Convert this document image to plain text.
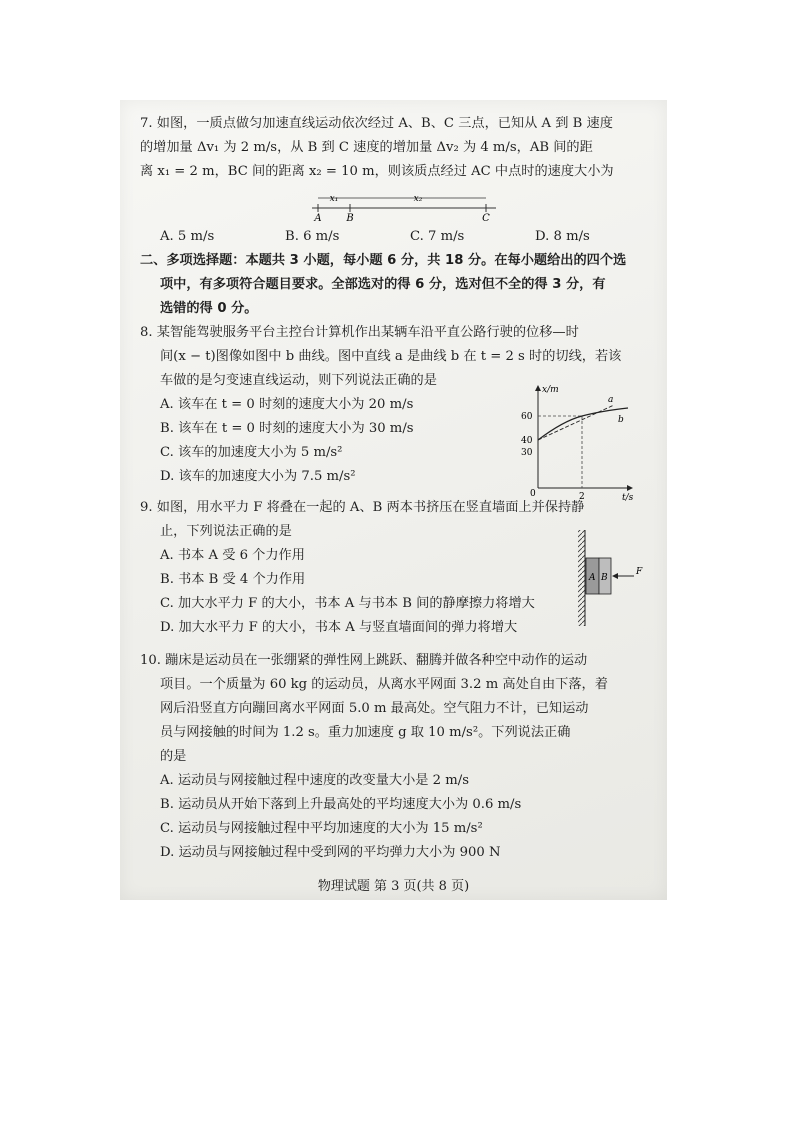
7. 如图，一质点做匀加速直线运动依次经过 A、B、C 三点，已知从 A 到 B 速度
的增加量 Δv₁ 为 2 m/s，从 B 到 C 速度的增加量 Δv₂ 为 4 m/s，AB 间的距
离 x₁ = 2 m，BC 间的距离 x₂ = 10 m，则该质点经过 AC 中点时的速度大小为
x₁	x₂
A B	C
A. 5 m/s	B. 6 m/s	C. 7 m/s	D. 8 m/s
二、多项选择题：本题共 3 小题，每小题 6 分，共 18 分。在每小题给出的四个选
项中，有多项符合题目要求。全部选对的得 6 分，选对但不全的得 3 分，有
选错的得 0 分。
8. 某智能驾驶服务平台主控台计算机作出某辆车沿平直公路行驶的位移—时
间(x − t)图像如图中 b 曲线。图中直线 a 是曲线 b 在 t = 2 s 时的切线，若该
车做的是匀变速直线运动，则下列说法正确的是
A. 该车在 t = 0 时刻的速度大小为 20 m/s
B. 该车在 t = 0 时刻的速度大小为 30 m/s
C. 该车的加速度大小为 5 m/s²
D. 该车的加速度大小为 7.5 m/s²
x/m
t/s
0
60
40
30
2
a
b
9. 如图，用水平力 F 将叠在一起的 A、B 两本书挤压在竖直墙面上并保持静
止，下列说法正确的是
A. 书本 A 受 6 个力作用
B. 书本 B 受 4 个力作用
C. 加大水平力 F 的大小，书本 A 与书本 B 间的静摩擦力将增大
D. 加大水平力 F 的大小，书本 A 与竖直墙面间的弹力将增大
A B
F
10. 蹦床是运动员在一张绷紧的弹性网上跳跃、翻腾并做各种空中动作的运动
项目。一个质量为 60 kg 的运动员，从离水平网面 3.2 m 高处自由下落，着
网后沿竖直方向蹦回离水平网面 5.0 m 最高处。空气阻力不计，已知运动
员与网接触的时间为 1.2 s。重力加速度 g 取 10 m/s²。下列说法正确
的是
A. 运动员与网接触过程中速度的改变量大小是 2 m/s
B. 运动员从开始下落到上升最高处的平均速度大小为 0.6 m/s
C. 运动员与网接触过程中平均加速度的大小为 15 m/s²
D. 运动员与网接触过程中受到网的平均弹力大小为 900 N
物理试题 第 3 页(共 8 页)
